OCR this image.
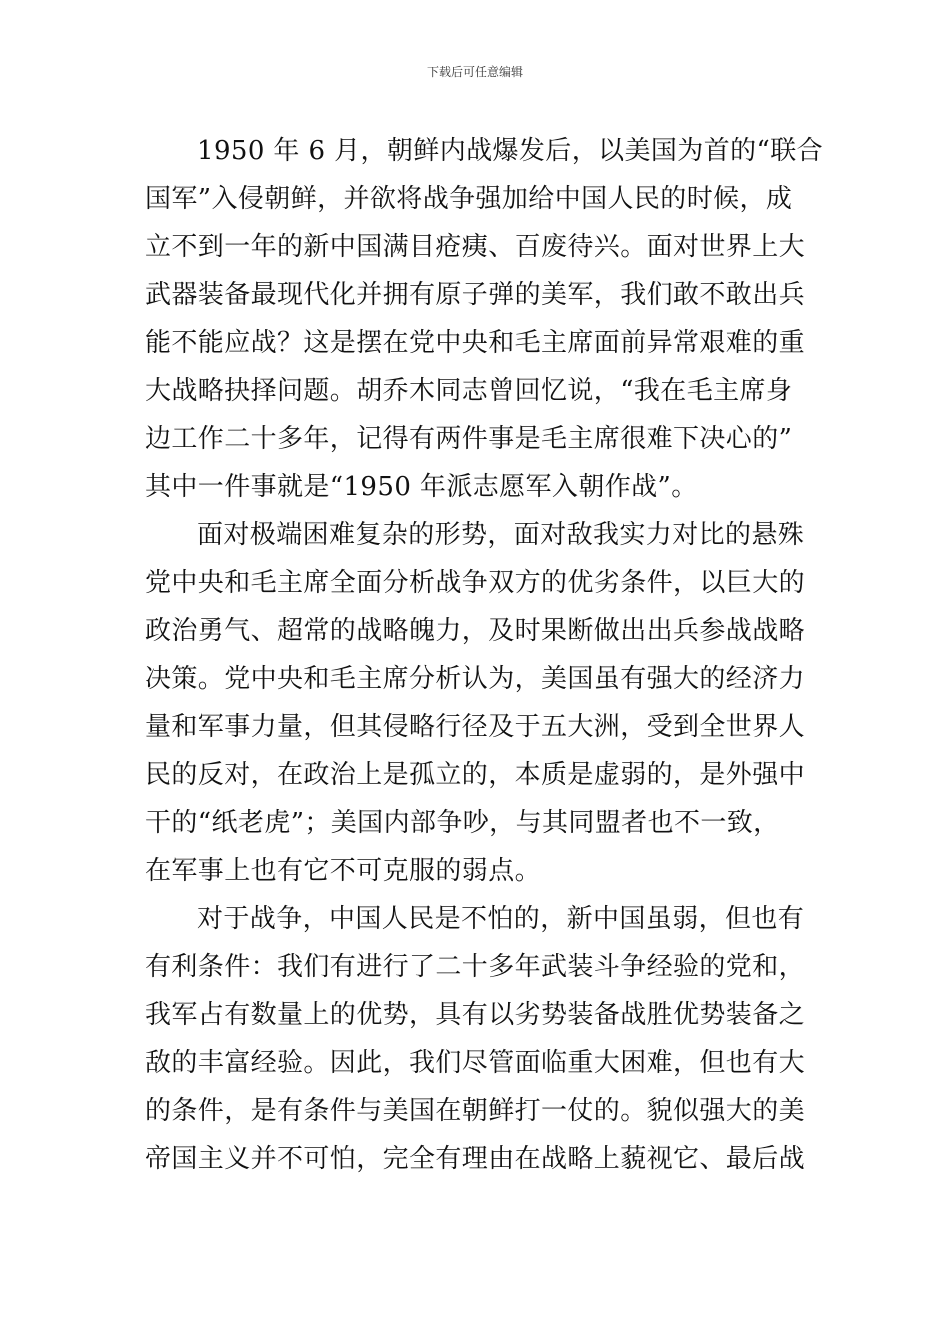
下载后可任意编辑
1950 年 6 月，朝鲜内战爆发后，以美国为首的“联合
国军”入侵朝鲜，并欲将战争强加给中国人民的时候，成
立不到一年的新中国满目疮痍、百废待兴。面对世界上大
武器装备最现代化并拥有原子弹的美军，我们敢不敢出兵
能不能应战？这是摆在党中央和毛主席面前异常艰难的重
大战略抉择问题。胡乔木同志曾回忆说，“我在毛主席身
边工作二十多年，记得有两件事是毛主席很难下决心的”
其中一件事就是“1950 年派志愿军入朝作战”。
面对极端困难复杂的形势，面对敌我实力对比的悬殊
党中央和毛主席全面分析战争双方的优劣条件，以巨大的
政治勇气、超常的战略魄力，及时果断做出出兵参战战略
决策。党中央和毛主席分析认为，美国虽有强大的经济力
量和军事力量，但其侵略行径及于五大洲，受到全世界人
民的反对，在政治上是孤立的，本质是虚弱的，是外强中
干的“纸老虎”；美国内部争吵，与其同盟者也不一致，
在军事上也有它不可克服的弱点。
对于战争，中国人民是不怕的，新中国虽弱，但也有
有利条件：我们有进行了二十多年武装斗争经验的党和，
我军占有数量上的优势，具有以劣势装备战胜优势装备之
敌的丰富经验。因此，我们尽管面临重大困难，但也有大
的条件，是有条件与美国在朝鲜打一仗的。貌似强大的美
帝国主义并不可怕，完全有理由在战略上藐视它、最后战
